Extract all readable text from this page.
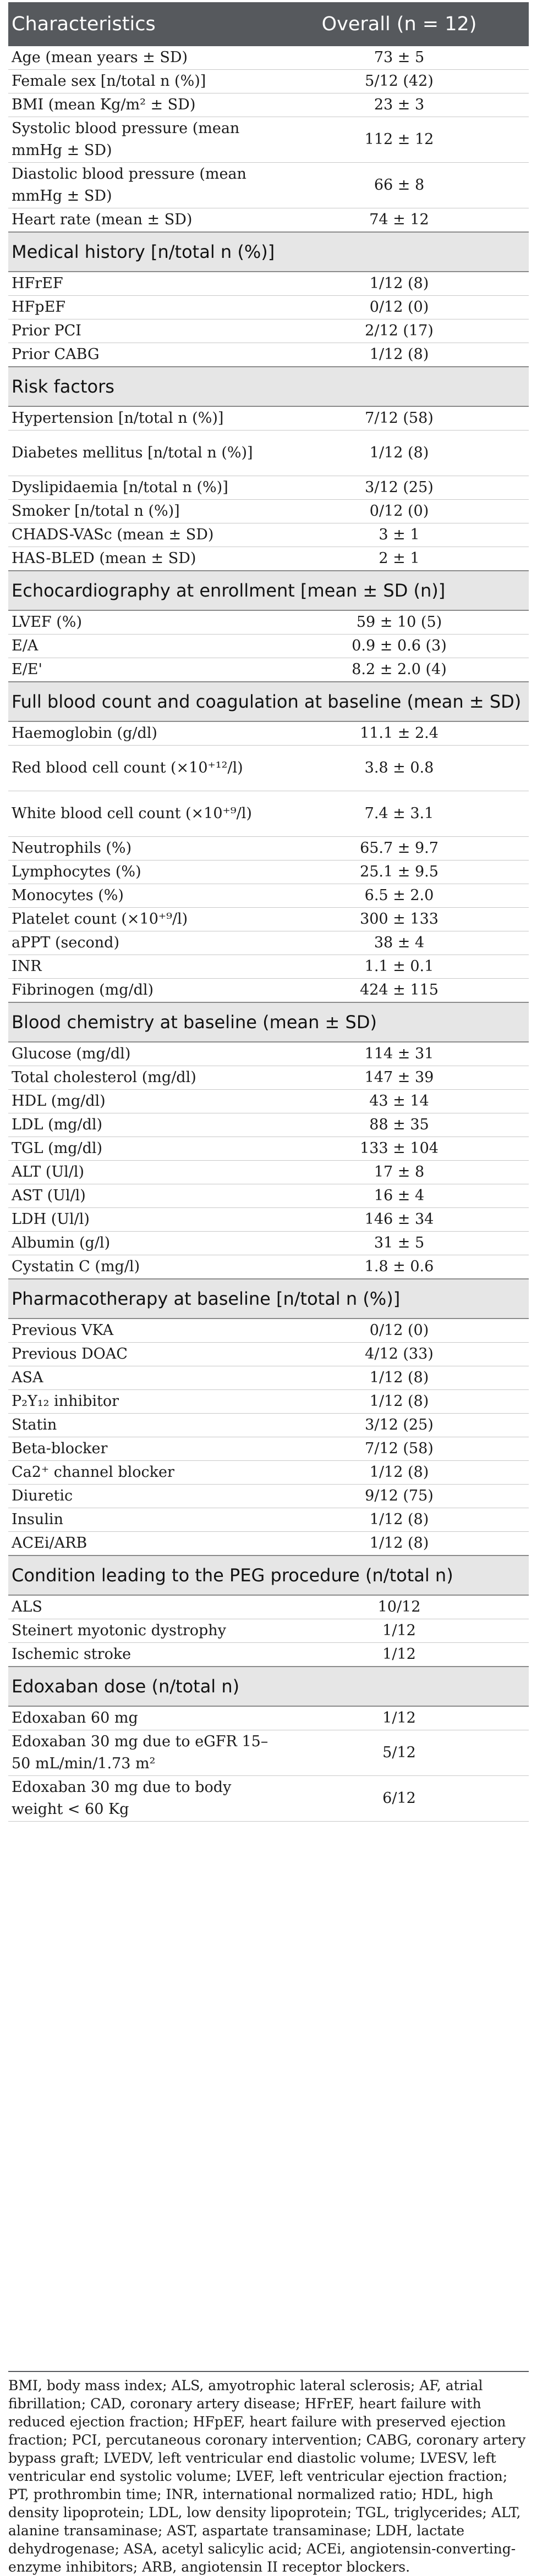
Characteristics	Overall (n = 12)
Age (mean years ± SD)	73 ± 5
Female sex [n/total n (%)]	5/12 (42)
BMI (mean Kg/m² ± SD)	23 ± 3
Systolic blood pressure (mean mmHg ± SD)	112 ± 12
Diastolic blood pressure (mean mmHg ± SD)	66 ± 8
Heart rate (mean ± SD)	74 ± 12
Medical history [n/total n (%)]	
HFrEF	1/12 (8)
HFpEF	0/12 (0)
Prior PCI	2/12 (17)
Prior CABG	1/12 (8)
Risk factors	
Hypertension [n/total n (%)]	7/12 (58)
Diabetes mellitus [n/total n (%)]	1/12 (8)
Dyslipidaemia [n/total n (%)]	3/12 (25)
Smoker [n/total n (%)]	0/12 (0)
CHADS-VASc (mean ± SD)	3 ± 1
HAS-BLED (mean ± SD)	2 ± 1
Echocardiography at enrollment [mean ± SD (n)]	
LVEF (%)	59 ± 10 (5)
E/A	0.9 ± 0.6 (3)
E/E'	8.2 ± 2.0 (4)
Full blood count and coagulation at baseline (mean ± SD)	
Haemoglobin (g/dl)	11.1 ± 2.4
Red blood cell count (×10⁺¹²/l)	3.8 ± 0.8
White blood cell count (×10⁺⁹/l)	7.4 ± 3.1
Neutrophils (%)	65.7 ± 9.7
Lymphocytes (%)	25.1 ± 9.5
Monocytes (%)	6.5 ± 2.0
Platelet count (×10⁺⁹/l)	300 ± 133
aPPT (second)	38 ± 4
INR	1.1 ± 0.1
Fibrinogen (mg/dl)	424 ± 115
Blood chemistry at baseline (mean ± SD)	
Glucose (mg/dl)	114 ± 31
Total cholesterol (mg/dl)	147 ± 39
HDL (mg/dl)	43 ± 14
LDL (mg/dl)	88 ± 35
TGL (mg/dl)	133 ± 104
ALT (Ul/l)	17 ± 8
AST (Ul/l)	16 ± 4
LDH (Ul/l)	146 ± 34
Albumin (g/l)	31 ± 5
Cystatin C (mg/l)	1.8 ± 0.6
Pharmacotherapy at baseline [n/total n (%)]	
Previous VKA	0/12 (0)
Previous DOAC	4/12 (33)
ASA	1/12 (8)
P₂Y₁₂ inhibitor	1/12 (8)
Statin	3/12 (25)
Beta-blocker	7/12 (58)
Ca2⁺ channel blocker	1/12 (8)
Diuretic	9/12 (75)
Insulin	1/12 (8)
ACEi/ARB	1/12 (8)
Condition leading to the PEG procedure (n/total n)	
ALS	10/12
Steinert myotonic dystrophy	1/12
Ischemic stroke	1/12
Edoxaban dose (n/total n)	
Edoxaban 60 mg	1/12
Edoxaban 30 mg due to eGFR 15–50 mL/min/1.73 m²	5/12
Edoxaban 30 mg due to body weight < 60 Kg	6/12
BMI, body mass index; ALS, amyotrophic lateral sclerosis; AF, atrial fibrillation; CAD, coronary artery disease; HFrEF, heart failure with reduced ejection fraction; HFpEF, heart failure with preserved ejection fraction; PCI, percutaneous coronary intervention; CABG, coronary artery bypass graft; LVEDV, left ventricular end diastolic volume; LVESV, left ventricular end systolic volume; LVEF, left ventricular ejection fraction; PT, prothrombin time; INR, international normalized ratio; HDL, high density lipoprotein; LDL, low density lipoprotein; TGL, triglycerides; ALT, alanine transaminase; AST, aspartate transaminase; LDH, lactate dehydrogenase; ASA, acetyl salicylic acid; ACEi, angiotensin-converting-enzyme inhibitors; ARB, angiotensin II receptor blockers.
